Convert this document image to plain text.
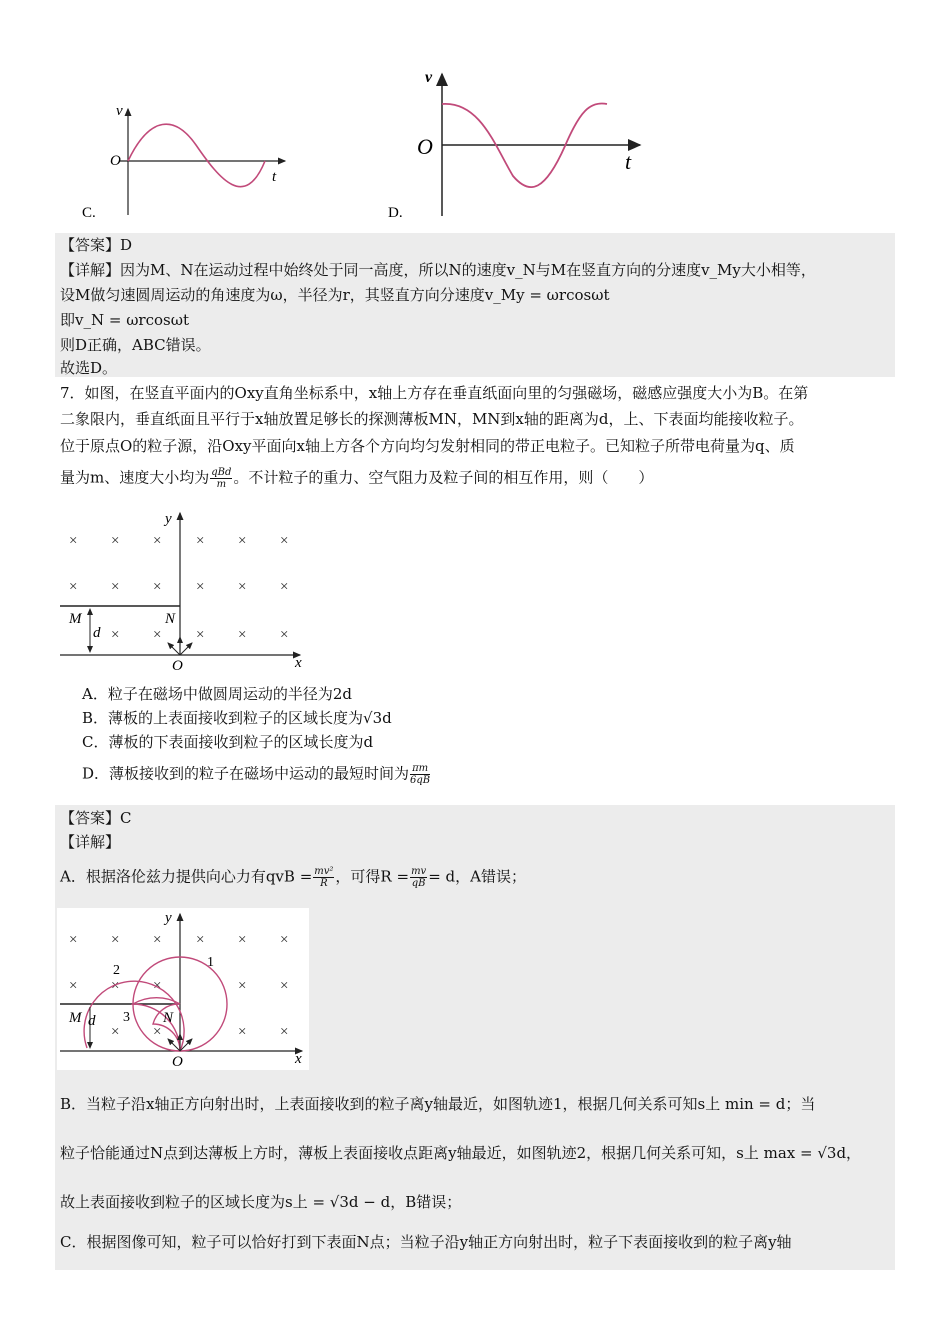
v
O
t
C.
v
O
t
D.
【答案】D
【详解】因为M、N在运动过程中始终处于同一高度，所以N的速度v_N与M在竖直方向的分速度v_My大小相等，
设M做匀速圆周运动的角速度为ω，半径为r，其竖直方向分速度v_My = ωrcosωt
即v_N = ωrcosωt
则D正确，ABC错误。
故选D。
7．如图，在竖直平面内的Oxy直角坐标系中，x轴上方存在垂直纸面向里的匀强磁场，磁感应强度大小为B。在第
二象限内，垂直纸面且平行于x轴放置足够长的探测薄板MN，MN到x轴的距离为d，上、下表面均能接收粒子。
位于原点O的粒子源，沿Oxy平面向x轴上方各个方向均匀发射相同的带正电粒子。已知粒子所带电荷量为q、质
量为m、速度大小均为 $\frac{\text{qBd}}{m}$ 。不计粒子的重力、空气阻力及粒子间的相互作用，则（　　）
× × × × × ×
× × × × × ×
× × × × ×
M	N
d
O	x
y
A．粒子在磁场中做圆周运动的半径为2d
B．薄板的上表面接收到粒子的区域长度为√3d
C．薄板的下表面接收到粒子的区域长度为d
D．薄板接收到的粒子在磁场中运动的最短时间为 $\frac{\pi m}{6qB}$
【答案】C
【详解】
A．根据洛伦兹力提供向心力有qvB = $\frac{\text{mv²}}{R}$ ，可得$R = \frac{mv}{qB} = d$，A错误；
× × × × × ×
× × ×	× ×
× ×	× ×
M	N
d
O	x
y
1
2
3
B．当粒子沿x轴正方向射出时，上表面接收到的粒子离y轴最近，如图轨迹1，根据几何关系可知s上 min = d；当
粒子恰能通过N点到达薄板上方时，薄板上表面接收点距离y轴最近，如图轨迹2，根据几何关系可知，s上 max = √3d，
故上表面接收到粒子的区域长度为s上 = √3d − d，B错误；
C．根据图像可知，粒子可以恰好打到下表面N点；当粒子沿y轴正方向射出时，粒子下表面接收到的粒子离y轴
